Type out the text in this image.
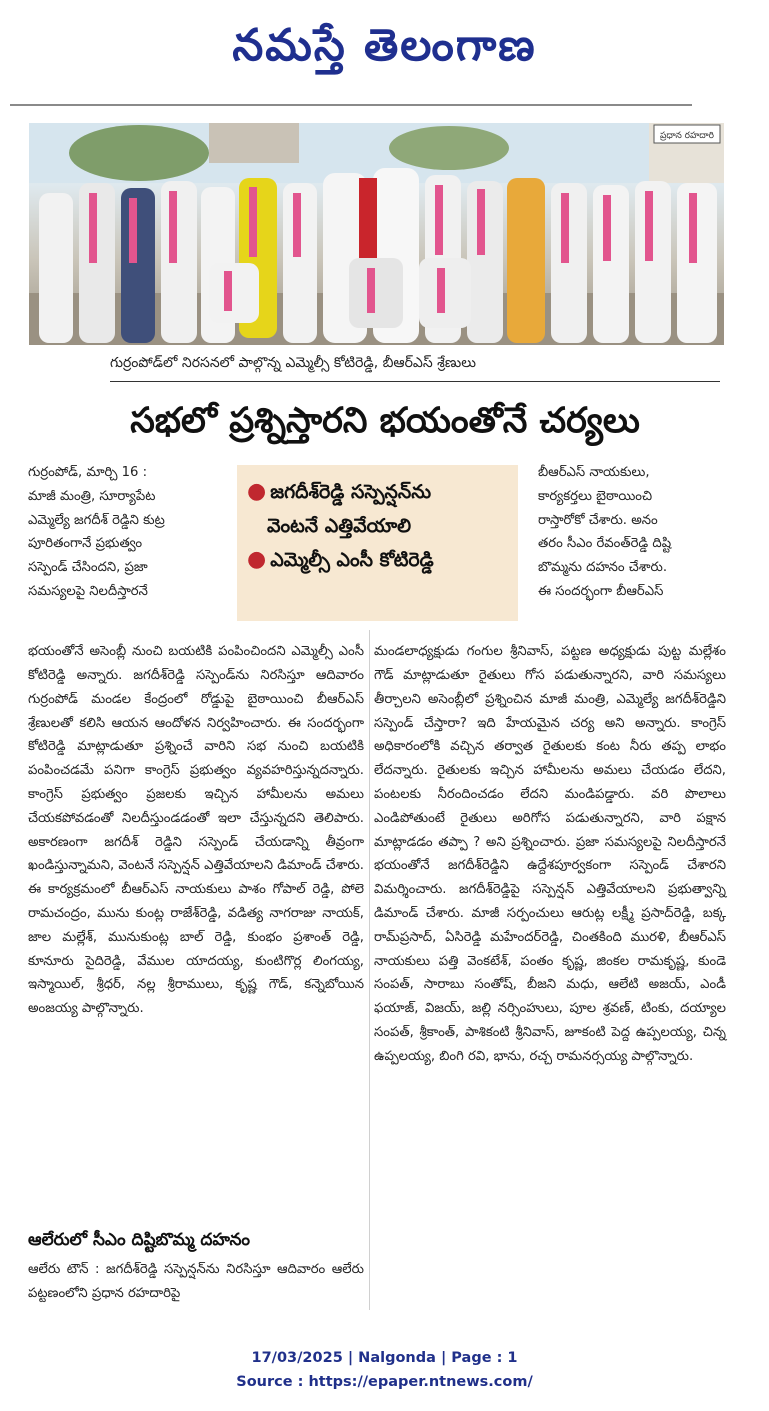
నమస్తే తెలంగాణ
ప్రధాన రహదారి
గుర్రంపోడ్‌లో నిరసనలో పాల్గొన్న ఎమ్మెల్సీ కోటిరెడ్డి, బీఆర్‌ఎస్ శ్రేణులు
సభలో ప్రశ్నిస్తారని భయంతోనే చర్యలు
గుర్రంపోడ్, మార్చి 16 :
మాజీ మంత్రి, సూర్యాపేట
ఎమ్మెల్యే జగదీశ్ రెడ్డిని కుట్ర
పూరితంగానే ప్రభుత్వం
సస్పెండ్ చేసిందని, ప్రజా
సమస్యలపై నిలదీస్తారనే
● జగదీశ్‌రెడ్డి సస్పెన్షన్‌ను
వెంటనే ఎత్తివేయాలి
● ఎమ్మెల్సీ ఎంసీ కోటిరెడ్డి
బీఆర్‌ఎస్ నాయకులు,
కార్యకర్తలు బైఠాయించి
రాస్తారోకో చేశారు. అనం
తరం సీఎం రేవంత్‌రెడ్డి దిష్టి
బొమ్మను దహనం చేశారు.
ఈ సందర్భంగా బీఆర్‌ఎస్

భయంతోనే అసెంబ్లీ నుంచి బయటికి పంపించిందని ఎమ్మెల్సీ ఎంసీ కోటిరెడ్డి అన్నారు. జగదీశ్‌రెడ్డి సస్పెండ్‌ను నిరసిస్తూ ఆదివారం గుర్రంపోడ్ మండల కేంద్రంలో రోడ్డుపై బైఠాయించి బీఆర్‌ఎస్ శ్రేణులతో కలిసి ఆయన ఆందోళన నిర్వహించారు. ఈ సందర్భంగా కోటిరెడ్డి మాట్లాడుతూ ప్రశ్నించే వారిని సభ నుంచి బయటికి పంపించడమే పనిగా కాంగ్రెస్ ప్రభుత్వం వ్యవహరిస్తున్నదన్నారు. కాంగ్రెస్ ప్రభుత్వం ప్రజలకు ఇచ్చిన హామీలను అమలు చేయకపోవడంతో నిలదీస్తుండడంతో ఇలా చేస్తున్నదని తెలిపారు. అకారణంగా జగదీశ్ రెడ్డిని సస్పెండ్ చేయడాన్ని తీవ్రంగా ఖండిస్తున్నామని, వెంటనే సస్పెన్షన్ ఎత్తివేయాలని డిమాండ్ చేశారు. ఈ కార్యక్రమంలో బీఆర్‌ఎస్ నాయకులు పాశం గోపాల్ రెడ్డి, పోలె రామచంద్రం, మును కుంట్ల రాజేశ్‌రెడ్డి, వడిత్య నాగరాజు నాయక్, జాల మల్లేశ్, మునుకుంట్ల బాల్ రెడ్డి, కుంభం ప్రశాంత్ రెడ్డి, కూనూరు సైదిరెడ్డి, వేముల యాదయ్య, కుంటిగొర్ల లింగయ్య, ఇస్మాయిల్, శ్రీధర్, నల్ల శ్రీరాములు, కృష్ణ గౌడ్, కన్నెబోయిన అంజయ్య పాల్గొన్నారు.

ఆలేరులో సీఎం దిష్టిబొమ్మ దహనం

ఆలేరు టౌన్ : జగదీశ్‌రెడ్డి సస్పెన్షన్‌ను నిరసిస్తూ ఆదివారం ఆలేరు పట్టణంలోని ప్రధాన రహదారిపై

మండలాధ్యక్షుడు గంగుల శ్రీనివాస్, పట్టణ అధ్యక్షుడు పుట్ట మల్లేశం గౌడ్ మాట్లాడుతూ రైతులు గోస పడుతున్నారని, వారి సమస్యలు తీర్చాలని అసెంబ్లీలో ప్రశ్నించిన మాజీ మంత్రి, ఎమ్మెల్యే జగదీశ్‌రెడ్డిని సస్పెండ్ చేస్తారా? ఇది హేయమైన చర్య అని అన్నారు. కాంగ్రెస్ అధికారంలోకి వచ్చిన తర్వాత రైతులకు కంట నీరు తప్ప లాభం లేదన్నారు. రైతులకు ఇచ్చిన హామీలను అమలు చేయడం లేదని, పంటలకు నీరందించడం లేదని మండిపడ్డారు. వరి పొలాలు ఎండిపోతుంటే రైతులు అరిగోస పడుతున్నారని, వారి పక్షాన మాట్లాడడం తప్పా ? అని ప్రశ్నించారు. ప్రజా సమస్యలపై నిలదీస్తారనే భయంతోనే జగదీశ్‌రెడ్డిని ఉద్దేశపూర్వకంగా సస్పెండ్ చేశారని విమర్శించారు. జగదీశ్‌రెడ్డిపై సస్పెన్షన్ ఎత్తివేయాలని ప్రభుత్వాన్ని డిమాండ్ చేశారు. మాజీ సర్పంచులు ఆరుట్ల లక్ష్మీ ప్రసాద్‌రెడ్డి, బక్క రామ్‌ప్రసాద్, ఏసిరెడ్డి మహేందర్‌రెడ్డి, చింతకింది మురళి, బీఆర్‌ఎస్ నాయకులు పత్తి వెంకటేశ్, పంతం కృష్ణ, జింకల రామకృష్ణ, కుండె సంపత్, సారాబు సంతోష్, బీజని మధు, ఆలేటి అజయ్, ఎండీ ఫయాజ్, విజయ్, జల్లి నర్సింహులు, పూల శ్రవణ్, టింకు, దయ్యాల సంపత్, శ్రీకాంత్, పాశికంటి శ్రీనివాస్, జూకంటి పెద్ద ఉప్పలయ్య, చిన్న ఉప్పలయ్య, బింగి రవి, భాను, రచ్చ రామనర్సయ్య పాల్గొన్నారు.

17/03/2025 | Nalgonda | Page : 1
Source : https://epaper.ntnews.com/
